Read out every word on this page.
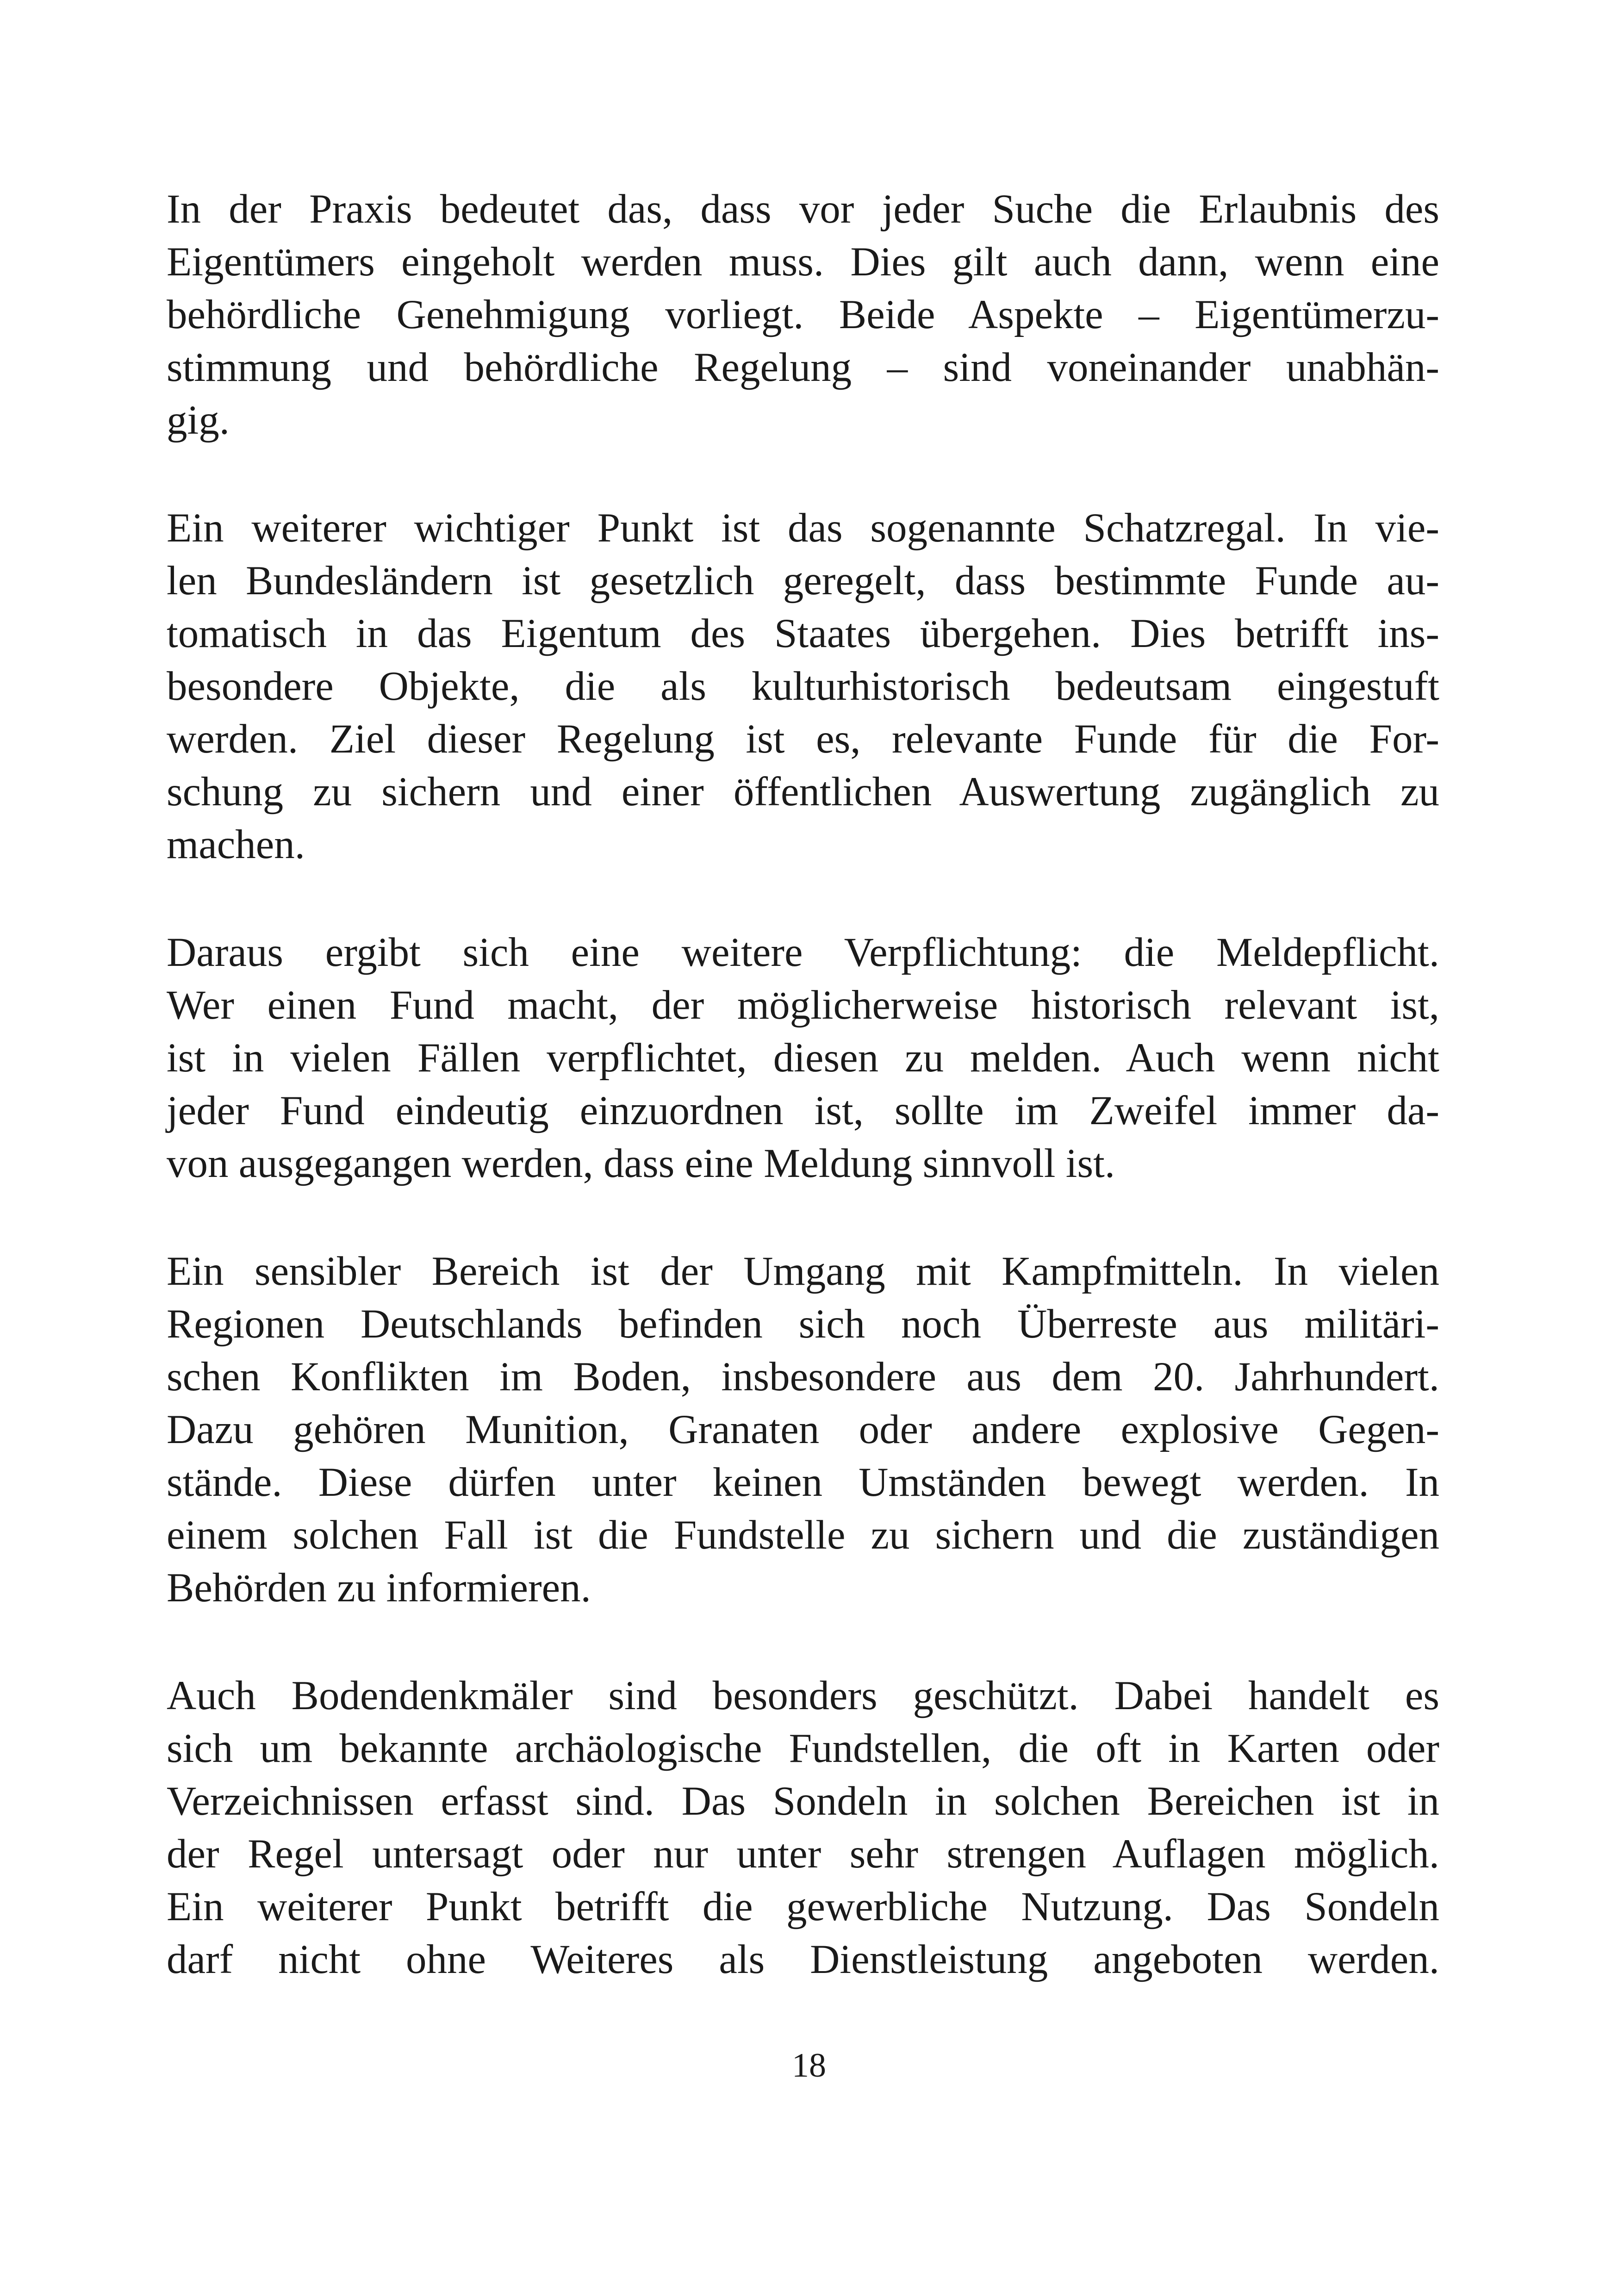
In der Praxis bedeutet das, dass vor jeder Suche die Erlaubnis des
Eigentümers eingeholt werden muss. Dies gilt auch dann, wenn eine
behördliche Genehmigung vorliegt. Beide Aspekte – Eigentümerzu-
stimmung und behördliche Regelung – sind voneinander unabhän-
gig.
Ein weiterer wichtiger Punkt ist das sogenannte Schatzregal. In vie-
len Bundesländern ist gesetzlich geregelt, dass bestimmte Funde au-
tomatisch in das Eigentum des Staates übergehen. Dies betrifft ins-
besondere Objekte, die als kulturhistorisch bedeutsam eingestuft
werden. Ziel dieser Regelung ist es, relevante Funde für die For-
schung zu sichern und einer öffentlichen Auswertung zugänglich zu
machen.
Daraus ergibt sich eine weitere Verpflichtung: die Meldepflicht.
Wer einen Fund macht, der möglicherweise historisch relevant ist,
ist in vielen Fällen verpflichtet, diesen zu melden. Auch wenn nicht
jeder Fund eindeutig einzuordnen ist, sollte im Zweifel immer da-
von ausgegangen werden, dass eine Meldung sinnvoll ist.
Ein sensibler Bereich ist der Umgang mit Kampfmitteln. In vielen
Regionen Deutschlands befinden sich noch Überreste aus militäri-
schen Konflikten im Boden, insbesondere aus dem 20. Jahrhundert.
Dazu gehören Munition, Granaten oder andere explosive Gegen-
stände. Diese dürfen unter keinen Umständen bewegt werden. In
einem solchen Fall ist die Fundstelle zu sichern und die zuständigen
Behörden zu informieren.
Auch Bodendenkmäler sind besonders geschützt. Dabei handelt es
sich um bekannte archäologische Fundstellen, die oft in Karten oder
Verzeichnissen erfasst sind. Das Sondeln in solchen Bereichen ist in
der Regel untersagt oder nur unter sehr strengen Auflagen möglich.
Ein weiterer Punkt betrifft die gewerbliche Nutzung. Das Sondeln
darf nicht ohne Weiteres als Dienstleistung angeboten werden.
18
